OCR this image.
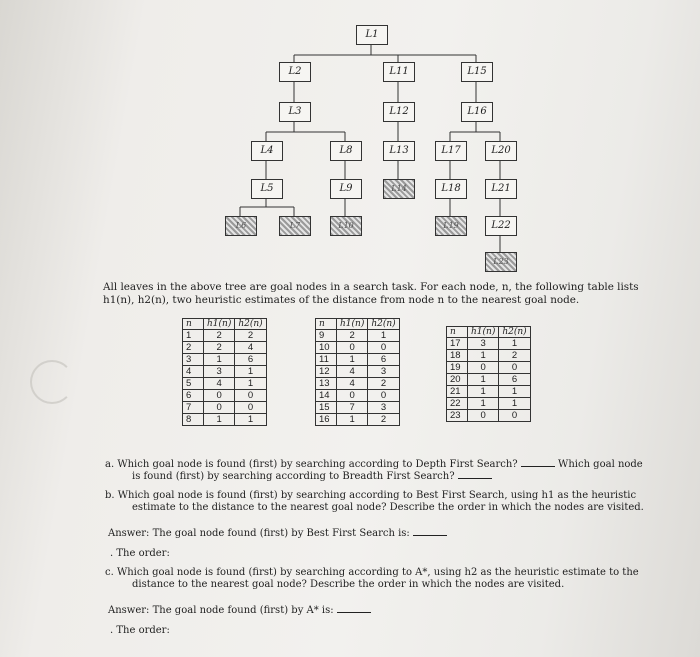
L1
L2	L11	L15
L3	L12	L16
L4	L8	L13	L17	L20
L5	L9	L14	L18	L21
L6	L7	L10	L19	L22
L23
All leaves in the above tree are goal nodes in a search task. For each node, n, the following table lists h1(n), h2(n), two heuristic estimates of the distance from node n to the nearest goal node.
n	h1(n)	h2(n)
1	2	2
2	2	4
3	1	6
4	3	1
5	4	1
6	0	0
7	0	0
8	1	1
n	h1(n)	h2(n)
9	2	1
10	0	0
11	1	6
12	4	3
13	4	2
14	0	0
15	7	3
16	1	2
n	h1(n)	h2(n)
17	3	1
18	1	2
19	0	0
20	1	6
21	1	1
22	1	1
23	0	0
a. Which goal node is found (first) by searching according to Depth First Search?	Which goal node
is found (first) by searching according to Breadth First Search?
b. Which goal node is found (first) by searching according to Best First Search, using h1 as the heuristic
estimate to the distance to the nearest goal node? Describe the order in which the nodes are visited.
Answer: The goal node found (first) by Best First Search is:
. The order:
c. Which goal node is found (first) by searching according to A*, using h2 as the heuristic estimate to the
distance to the nearest goal node? Describe the order in which the nodes are visited.
Answer: The goal node found (first) by A* is:
. The order:
